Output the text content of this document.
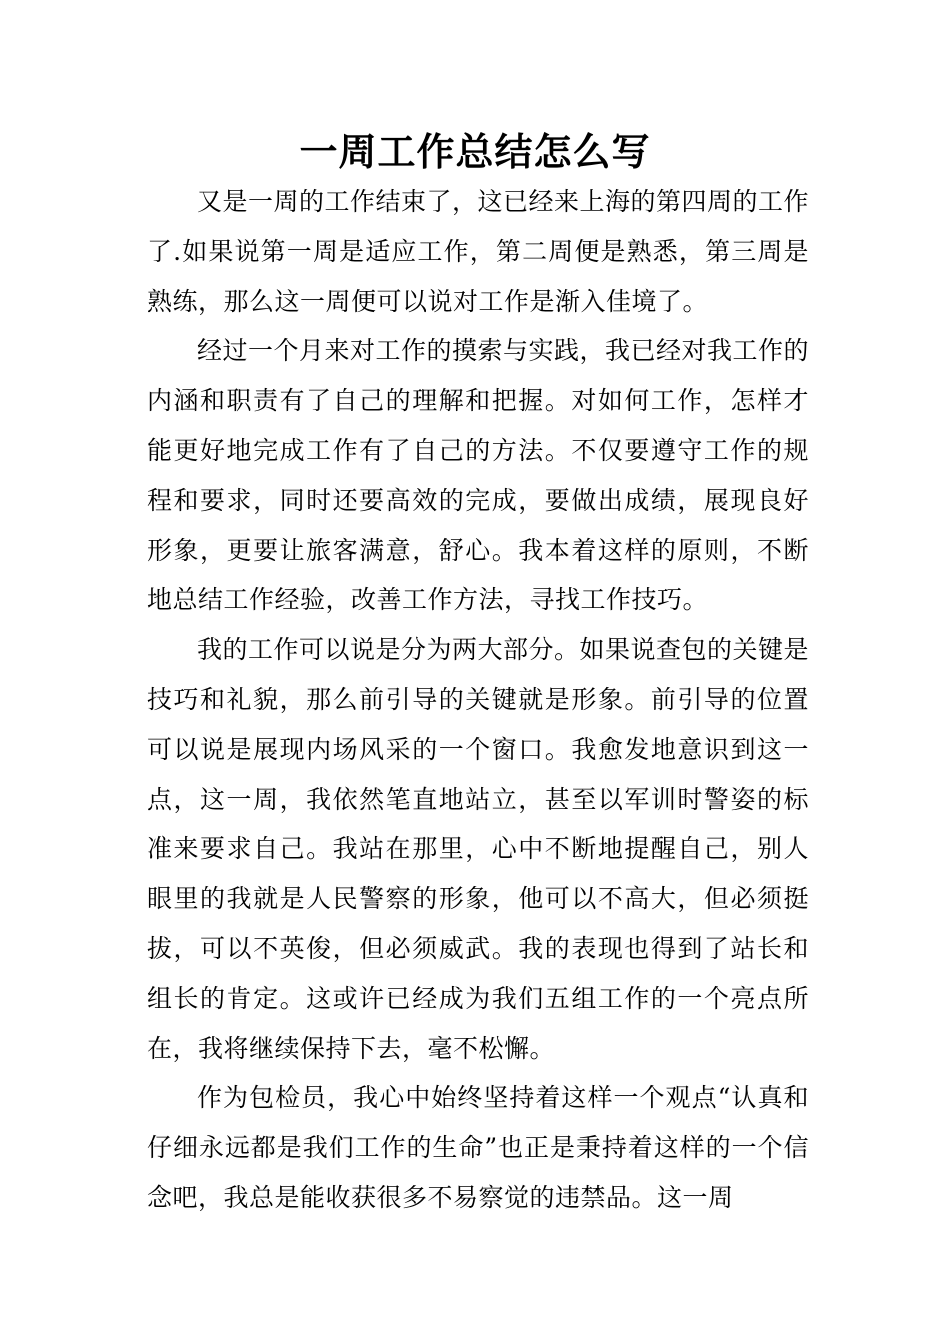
一周工作总结怎么写

又是一周的工作结束了，这已经来上海的第四周的工作了.如果说第一周是适应工作，第二周便是熟悉，第三周是熟练，那么这一周便可以说对工作是渐入佳境了。

经过一个月来对工作的摸索与实践，我已经对我工作的内涵和职责有了自己的理解和把握。对如何工作，怎样才能更好地完成工作有了自己的方法。不仅要遵守工作的规程和要求，同时还要高效的完成，要做出成绩，展现良好形象，更要让旅客满意，舒心。我本着这样的原则，不断地总结工作经验，改善工作方法，寻找工作技巧。

我的工作可以说是分为两大部分。如果说查包的关键是技巧和礼貌，那么前引导的关键就是形象。前引导的位置可以说是展现内场风采的一个窗口。我愈发地意识到这一点，这一周，我依然笔直地站立，甚至以军训时警姿的标准来要求自己。我站在那里，心中不断地提醒自己，别人眼里的我就是人民警察的形象，他可以不高大，但必须挺拔，可以不英俊，但必须威武。我的表现也得到了站长和组长的肯定。这或许已经成为我们五组工作的一个亮点所在，我将继续保持下去，毫不松懈。

作为包检员，我心中始终坚持着这样一个观点“认真和仔细永远都是我们工作的生命”也正是秉持着这样的一个信念吧，我总是能收获很多不易察觉的违禁品。这一周
